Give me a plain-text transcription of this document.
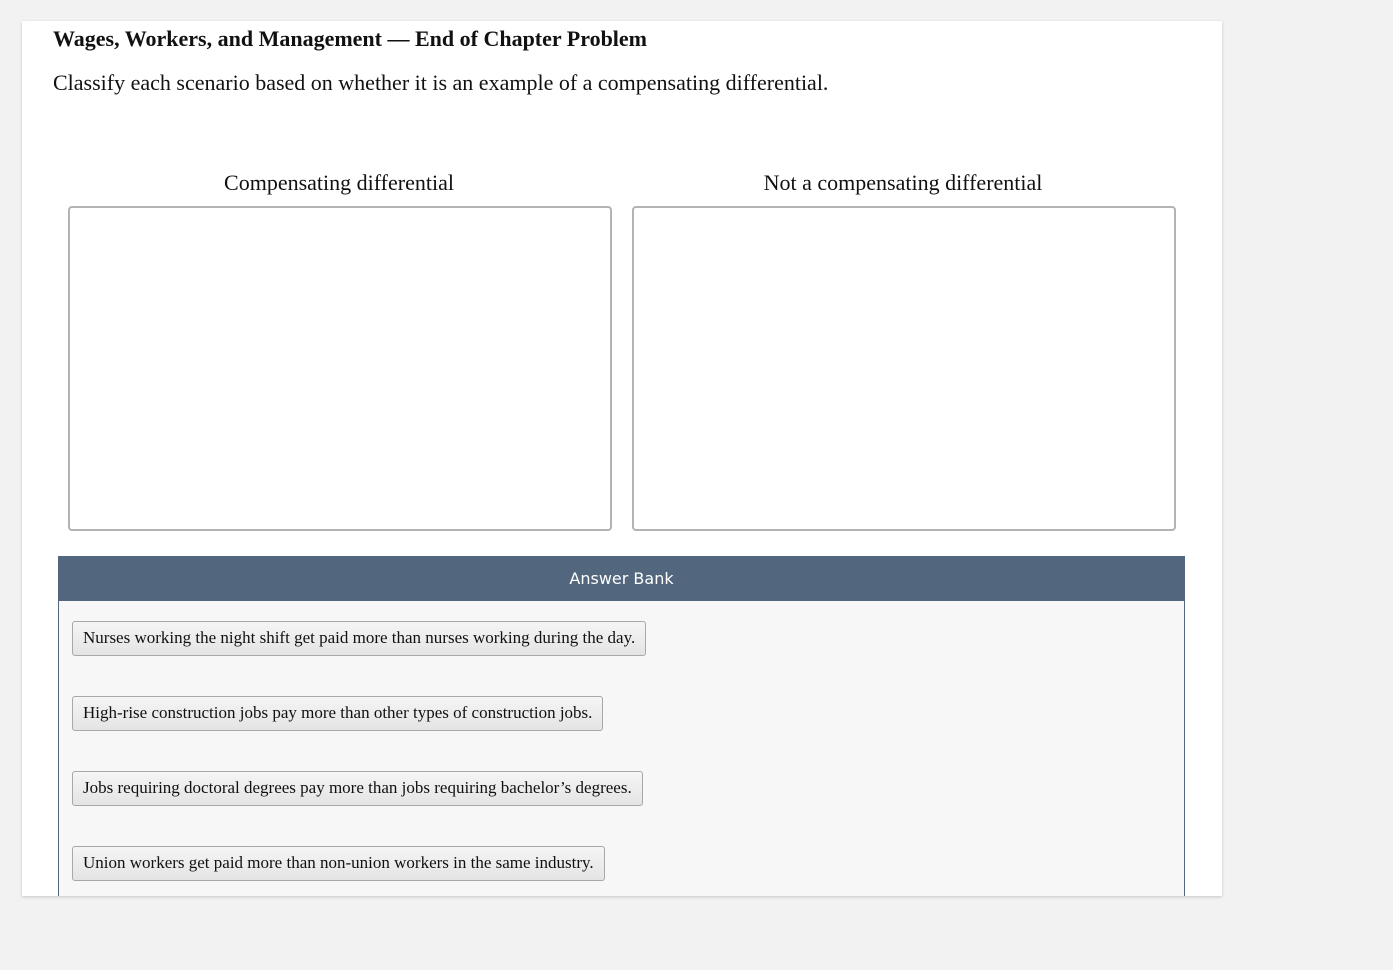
Wages, Workers, and Management — End of Chapter Problem

Classify each scenario based on whether it is an example of a compensating differential.

Compensating differential	Not a compensating differential
Answer Bank
Nurses working the night shift get paid more than nurses working during the day.
High-rise construction jobs pay more than other types of construction jobs.
Jobs requiring doctoral degrees pay more than jobs requiring bachelor’s degrees.
Union workers get paid more than non-union workers in the same industry.
